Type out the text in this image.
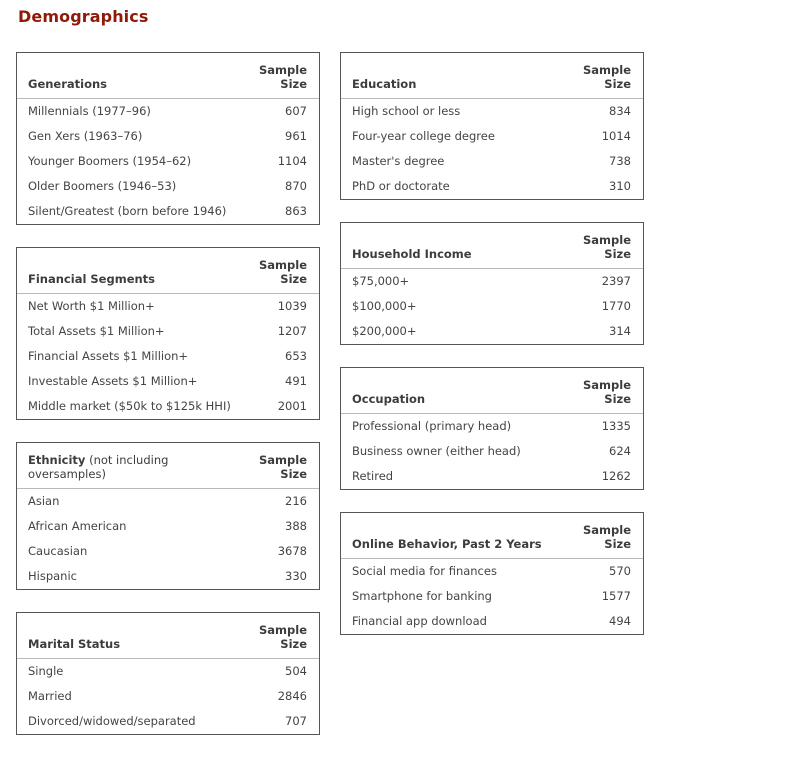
Demographics
Generations	Sample
Size

Millennials (1977–96)	607
Gen Xers (1963–76)	961
Younger Boomers (1954–62)	1104
Older Boomers (1946–53)	870
Silent/Greatest (born before 1946)	863
Financial Segments	Sample
Size

Net Worth $1 Million+	1039
Total Assets $1 Million+	1207
Financial Assets $1 Million+	653
Investable Assets $1 Million+	491
Middle market ($50k to $125k HHI)	2001
Ethnicity (not including oversamples)	Sample
Size

Asian	216
African American	388
Caucasian	3678
Hispanic	330
Marital Status	Sample
Size

Single	504
Married	2846
Divorced/widowed/separated	707
Education	Sample
Size

High school or less	834
Four-year college degree	1014
Master's degree	738
PhD or doctorate	310
Household Income	Sample
Size

$75,000+	2397
$100,000+	1770
$200,000+	314
Occupation	Sample
Size

Professional (primary head)	1335
Business owner (either head)	624
Retired	1262
Online Behavior, Past 2 Years	Sample
Size

Social media for finances	570
Smartphone for banking	1577
Financial app download	494
